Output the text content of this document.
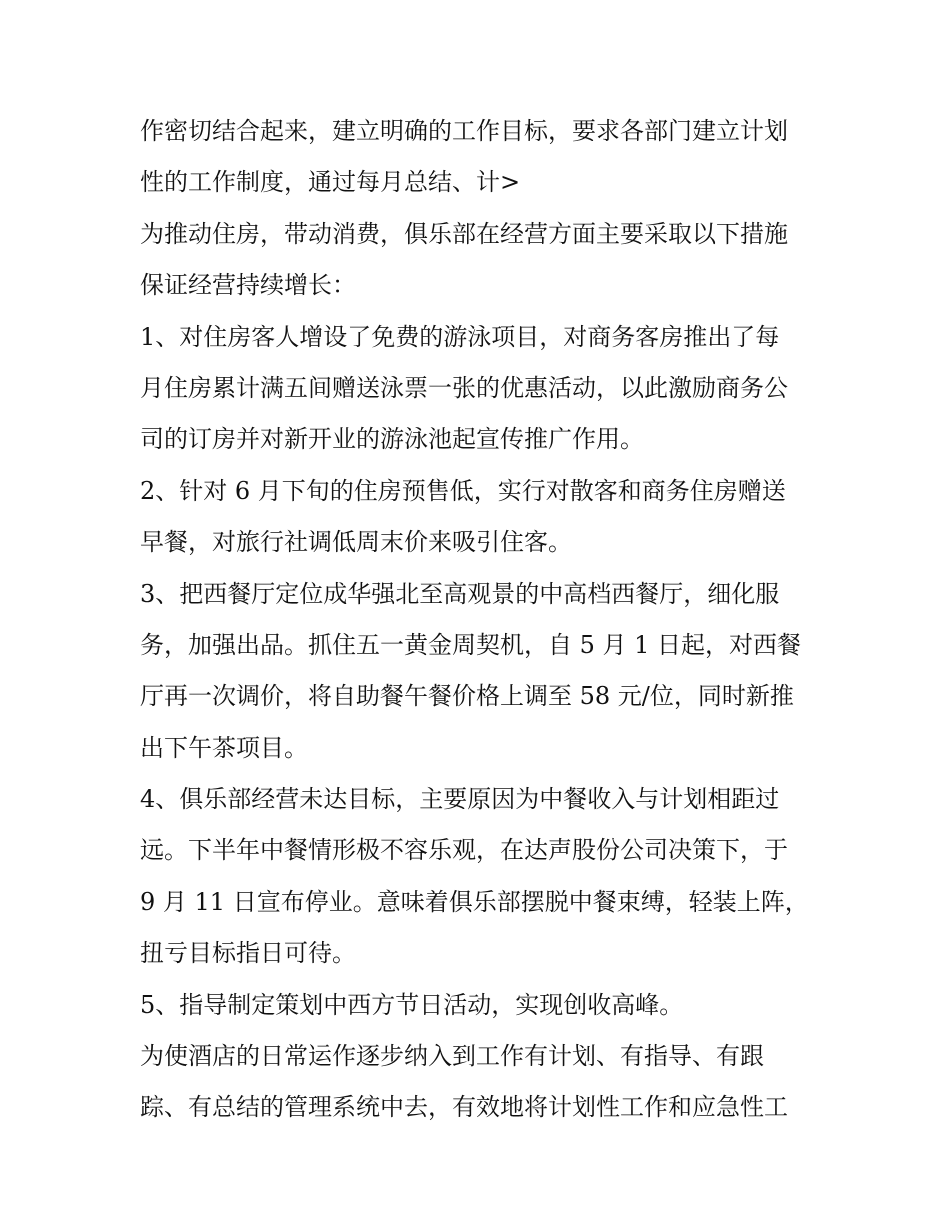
作密切结合起来，建立明确的工作目标，要求各部门建立计划
性的工作制度，通过每月总结、计>
为推动住房，带动消费，俱乐部在经营方面主要采取以下措施
保证经营持续增长：
1、对住房客人增设了免费的游泳项目，对商务客房推出了每
月住房累计满五间赠送泳票一张的优惠活动，以此激励商务公
司的订房并对新开业的游泳池起宣传推广作用。
2、针对 6 月下旬的住房预售低，实行对散客和商务住房赠送
早餐，对旅行社调低周末价来吸引住客。
3、把西餐厅定位成华强北至高观景的中高档西餐厅，细化服
务，加强出品。抓住五一黄金周契机，自 5 月 1 日起，对西餐
厅再一次调价，将自助餐午餐价格上调至 58 元/位，同时新推
出下午茶项目。
4、俱乐部经营未达目标，主要原因为中餐收入与计划相距过
远。下半年中餐情形极不容乐观，在达声股份公司决策下，于
9 月 11 日宣布停业。意味着俱乐部摆脱中餐束缚，轻装上阵，
扭亏目标指日可待。
5、指导制定策划中西方节日活动，实现创收高峰。
为使酒店的日常运作逐步纳入到工作有计划、有指导、有跟
踪、有总结的管理系统中去，有效地将计划性工作和应急性工
